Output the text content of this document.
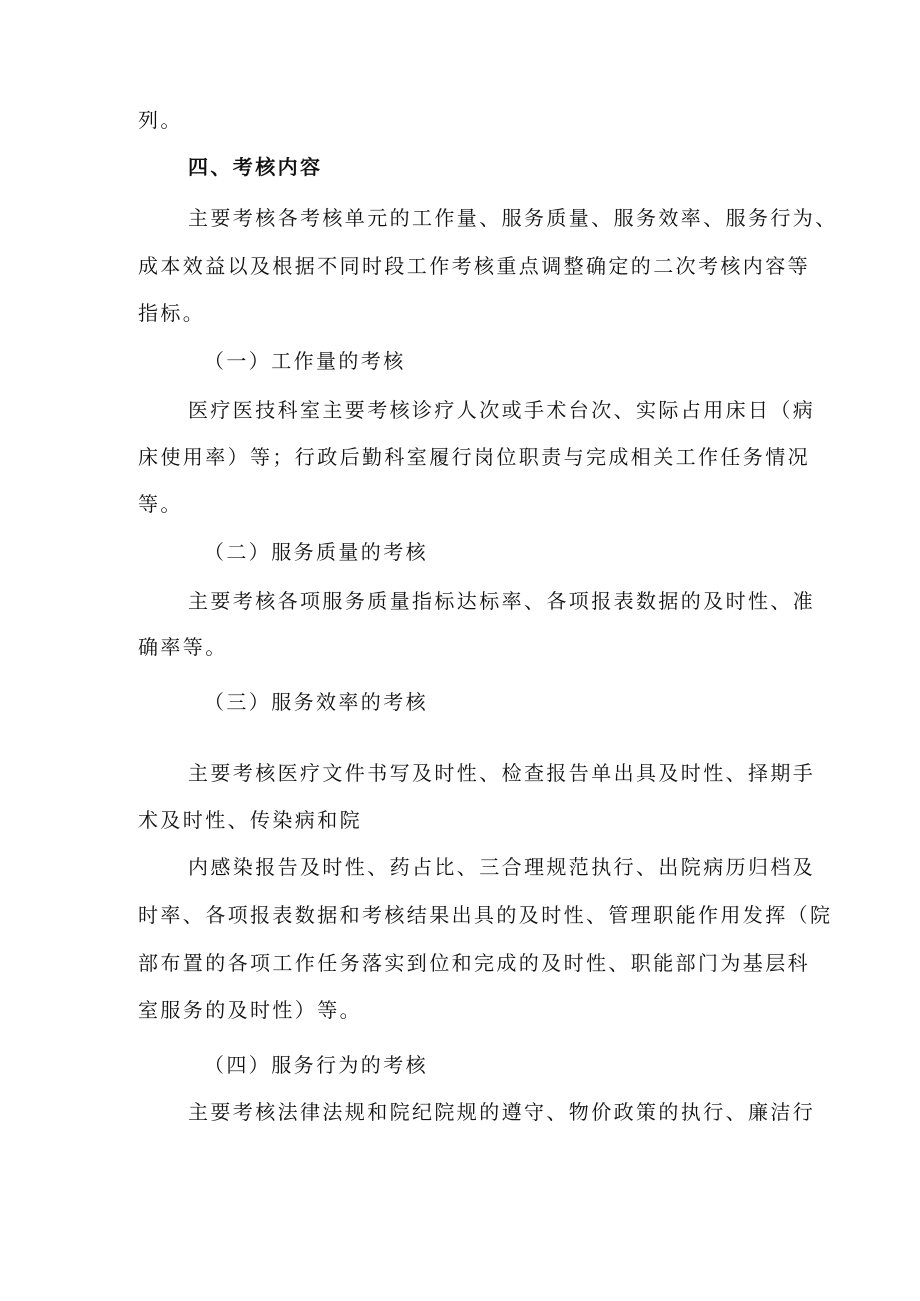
列。
四、考核内容
主要考核各考核单元的工作量、服务质量、服务效率、服务行为、
成本效益以及根据不同时段工作考核重点调整确定的二次考核内容等
指标。
（一）工作量的考核
医疗医技科室主要考核诊疗人次或手术台次、实际占用床日（病
床使用率）等；行政后勤科室履行岗位职责与完成相关工作任务情况
等。
（二）服务质量的考核
主要考核各项服务质量指标达标率、各项报表数据的及时性、准
确率等。
（三）服务效率的考核
主要考核医疗文件书写及时性、检查报告单出具及时性、择期手
术及时性、传染病和院
内感染报告及时性、药占比、三合理规范执行、出院病历归档及
时率、各项报表数据和考核结果出具的及时性、管理职能作用发挥（院
部布置的各项工作任务落实到位和完成的及时性、职能部门为基层科
室服务的及时性）等。
（四）服务行为的考核
主要考核法律法规和院纪院规的遵守、物价政策的执行、廉洁行
